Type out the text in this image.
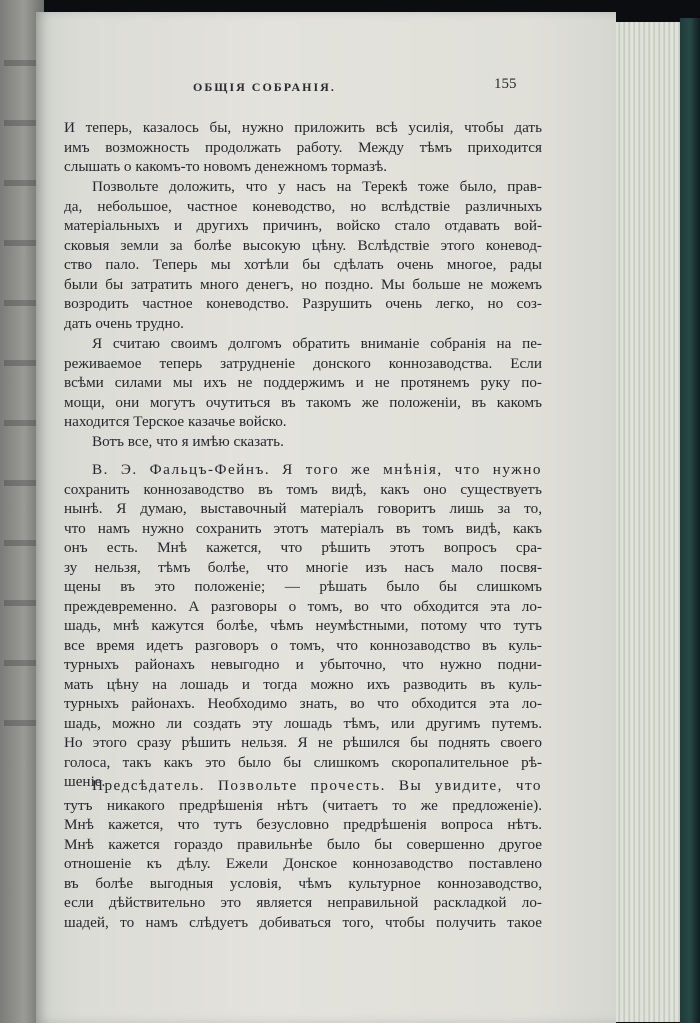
ОБЩІЯ СОБРАНІЯ.	155
И теперь, казалось бы, нужно приложить всѣ усилія, чтобы дать
имъ возможность продолжать работу. Между тѣмъ приходится
слышать о какомъ-то новомъ денежномъ тормазѣ.
Позвольте доложить, что у насъ на Терекѣ тоже было, прав-
да, небольшое, частное коневодство, но вслѣдствіе различныхъ
матеріальныхъ и другихъ причинъ, войско стало отдавать вой-
сковыя земли за болѣе высокую цѣну. Вслѣдствіе этого коневод-
ство пало. Теперь мы хотѣли бы сдѣлать очень многое, рады
были бы затратить много денегъ, но поздно. Мы больше не можемъ
возродить частное коневодство. Разрушить очень легко, но соз-
дать очень трудно.
Я считаю своимъ долгомъ обратить вниманіе собранія на пе-
реживаемое теперь затрудненіе донского коннозаводства. Если
всѣми силами мы ихъ не поддержимъ и не протянемъ руку по-
мощи, они могутъ очутиться въ такомъ же положеніи, въ какомъ
находится Терское казачье войско.
Вотъ все, что я имѣю сказать.
В. Э. Фальцъ-Фейнъ. Я того же мнѣнія, что нужно
сохранить коннозаводство въ томъ видѣ, какъ оно существуетъ
нынѣ. Я думаю, выставочный матеріалъ говоритъ лишь за то,
что намъ нужно сохранить этотъ матеріалъ въ томъ видѣ, какъ
онъ есть. Мнѣ кажется, что рѣшить этотъ вопросъ сра-
зу нельзя, тѣмъ болѣе, что многіе изъ насъ мало посвя-
щены въ это положеніе; — рѣшать было бы слишкомъ
преждевременно. А разговоры о томъ, во что обходится эта ло-
шадь, мнѣ кажутся болѣе, чѣмъ неумѣстными, потому что тутъ
все время идетъ разговоръ о томъ, что коннозаводство въ куль-
турныхъ районахъ невыгодно и убыточно, что нужно подни-
мать цѣну на лошадь и тогда можно ихъ разводить въ куль-
турныхъ районахъ. Необходимо знать, во что обходится эта ло-
шадь, можно ли создать эту лошадь тѣмъ, или другимъ путемъ.
Но этого сразу рѣшить нельзя. Я не рѣшился бы поднять своего
голоса, такъ какъ это было бы слишкомъ скоропалительное рѣ-
шеніе.
Предсѣдатель. Позвольте прочесть. Вы увидите, что
тутъ никакого предрѣшенія нѣтъ (читаетъ то же предложеніе).
Мнѣ кажется, что тутъ безусловно предрѣшенія вопроса нѣтъ.
Мнѣ кажется гораздо правильнѣе было бы совершенно другое
отношеніе къ дѣлу. Ежели Донское коннозаводство поставлено
въ болѣе выгодныя условія, чѣмъ культурное коннозаводство,
если дѣйствительно это является неправильной раскладкой ло-
шадей, то намъ слѣдуетъ добиваться того, чтобы получить такое
